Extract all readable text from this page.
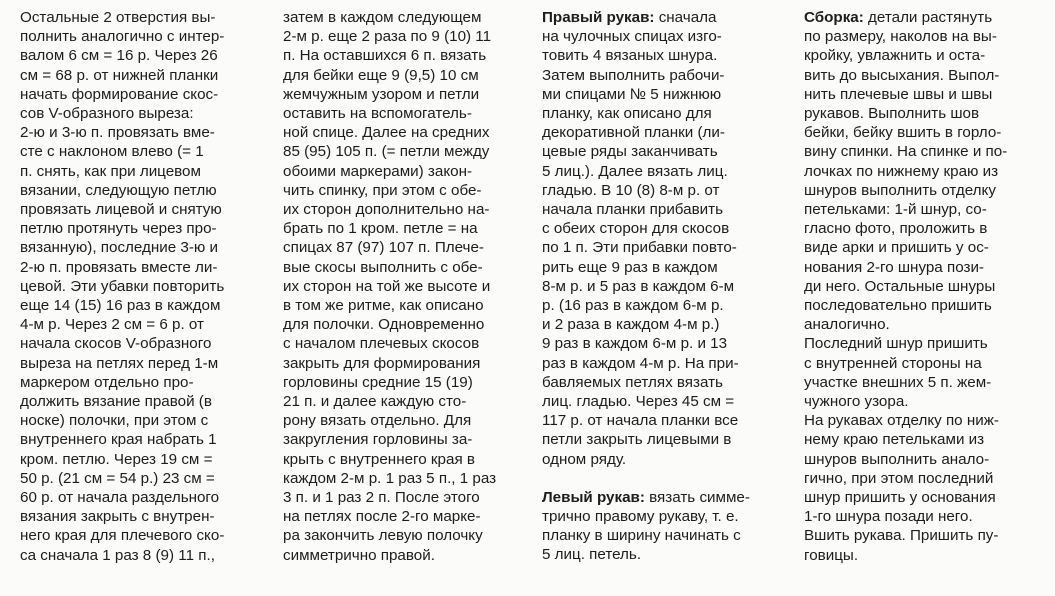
Остальные 2 отверстия вы-

полнить аналогично с интер-

валом 6 см = 16 р. Через 26

см = 68 р. от нижней планки

начать формирование скос-

сов V-образного выреза:

2-ю и 3-ю п. провязать вме-

сте с наклоном влево (= 1

п. снять, как при лицевом

вязании, следующую петлю

провязать лицевой и снятую

петлю протянуть через про-

вязанную), последние 3-ю и

2-ю п. провязать вместе ли-

цевой. Эти убавки повторить

еще 14 (15) 16 раз в каждом

4-м р. Через 2 см = 6 р. от

начала скосов V-образного

выреза на петлях перед 1-м

маркером отдельно про-

должить вязание правой (в

носке) полочки, при этом с

внутреннего края набрать 1

кром. петлю. Через 19 см =

50 р. (21 см = 54 р.) 23 см =

60 р. от начала раздельного

вязания закрыть с внутрен-

него края для плечевого ско-

са сначала 1 раз 8 (9) 11 п.,

затем в каждом следующем

2-м р. еще 2 раза по 9 (10) 11

п. На оставшихся 6 п. вязать

для бейки еще 9 (9,5) 10 см

жемчужным узором и петли

оставить на вспомогатель-

ной спице. Далее на средних

85 (95) 105 п. (= петли между

обоими маркерами) закон-

чить спинку, при этом с обе-

их сторон дополнительно на-

брать по 1 кром. петле = на

спицах 87 (97) 107 п. Плече-

вые скосы выполнить с обе-

их сторон на той же высоте и

в том же ритме, как описано

для полочки. Одновременно

с началом плечевых скосов

закрыть для формирования

горловины средние 15 (19)

21 п. и далее каждую сто-

рону вязать отдельно. Для

закругления горловины за-

крыть с внутреннего края в

каждом 2-м р. 1 раз 5 п., 1 раз

3 п. и 1 раз 2 п. После этого

на петлях после 2-го марке-

ра закончить левую полочку

симметрично правой.

Правый рукав: сначала

на чулочных спицах изго-

товить 4 вязаных шнура.

Затем выполнить рабочи-

ми спицами № 5 нижнюю

планку, как описано для

декоративной планки (ли-

цевые ряды заканчивать

5 лиц.). Далее вязать лиц.

гладью. В 10 (8) 8-м р. от

начала планки прибавить

с обеих сторон для скосов

по 1 п. Эти прибавки повто-

рить еще 9 раз в каждом

8-м р. и 5 раз в каждом 6-м

р. (16 раз в каждом 6-м р.

и 2 раза в каждом 4-м р.)

9 раз в каждом 6-м р. и 13

раз в каждом 4-м р. На при-

бавляемых петлях вязать

лиц. гладью. Через 45 см =

117 р. от начала планки все

петли закрыть лицевыми в

одном ряду.

Левый рукав: вязать симме-

трично правому рукаву, т. е.

планку в ширину начинать с

5 лиц. петель.

Сборка: детали растянуть

по размеру, наколов на вы-

кройку, увлажнить и оста-

вить до высыхания. Выпол-

нить плечевые швы и швы

рукавов. Выполнить шов

бейки, бейку вшить в горло-

вину спинки. На спинке и по-

лочках по нижнему краю из

шнуров выполнить отделку

петельками: 1-й шнур, со-

гласно фото, проложить в

виде арки и пришить у ос-

нования 2-го шнура пози-

ди него. Остальные шнуры

последовательно пришить

аналогично.

Последний шнур пришить

с внутренней стороны на

участке внешних 5 п. жем-

чужного узора.

На рукавах отделку по ниж-

нему краю петельками из

шнуров выполнить анало-

гично, при этом последний

шнур пришить у основания

1-го шнура позади него.

Вшить рукава. Пришить пу-

говицы.
